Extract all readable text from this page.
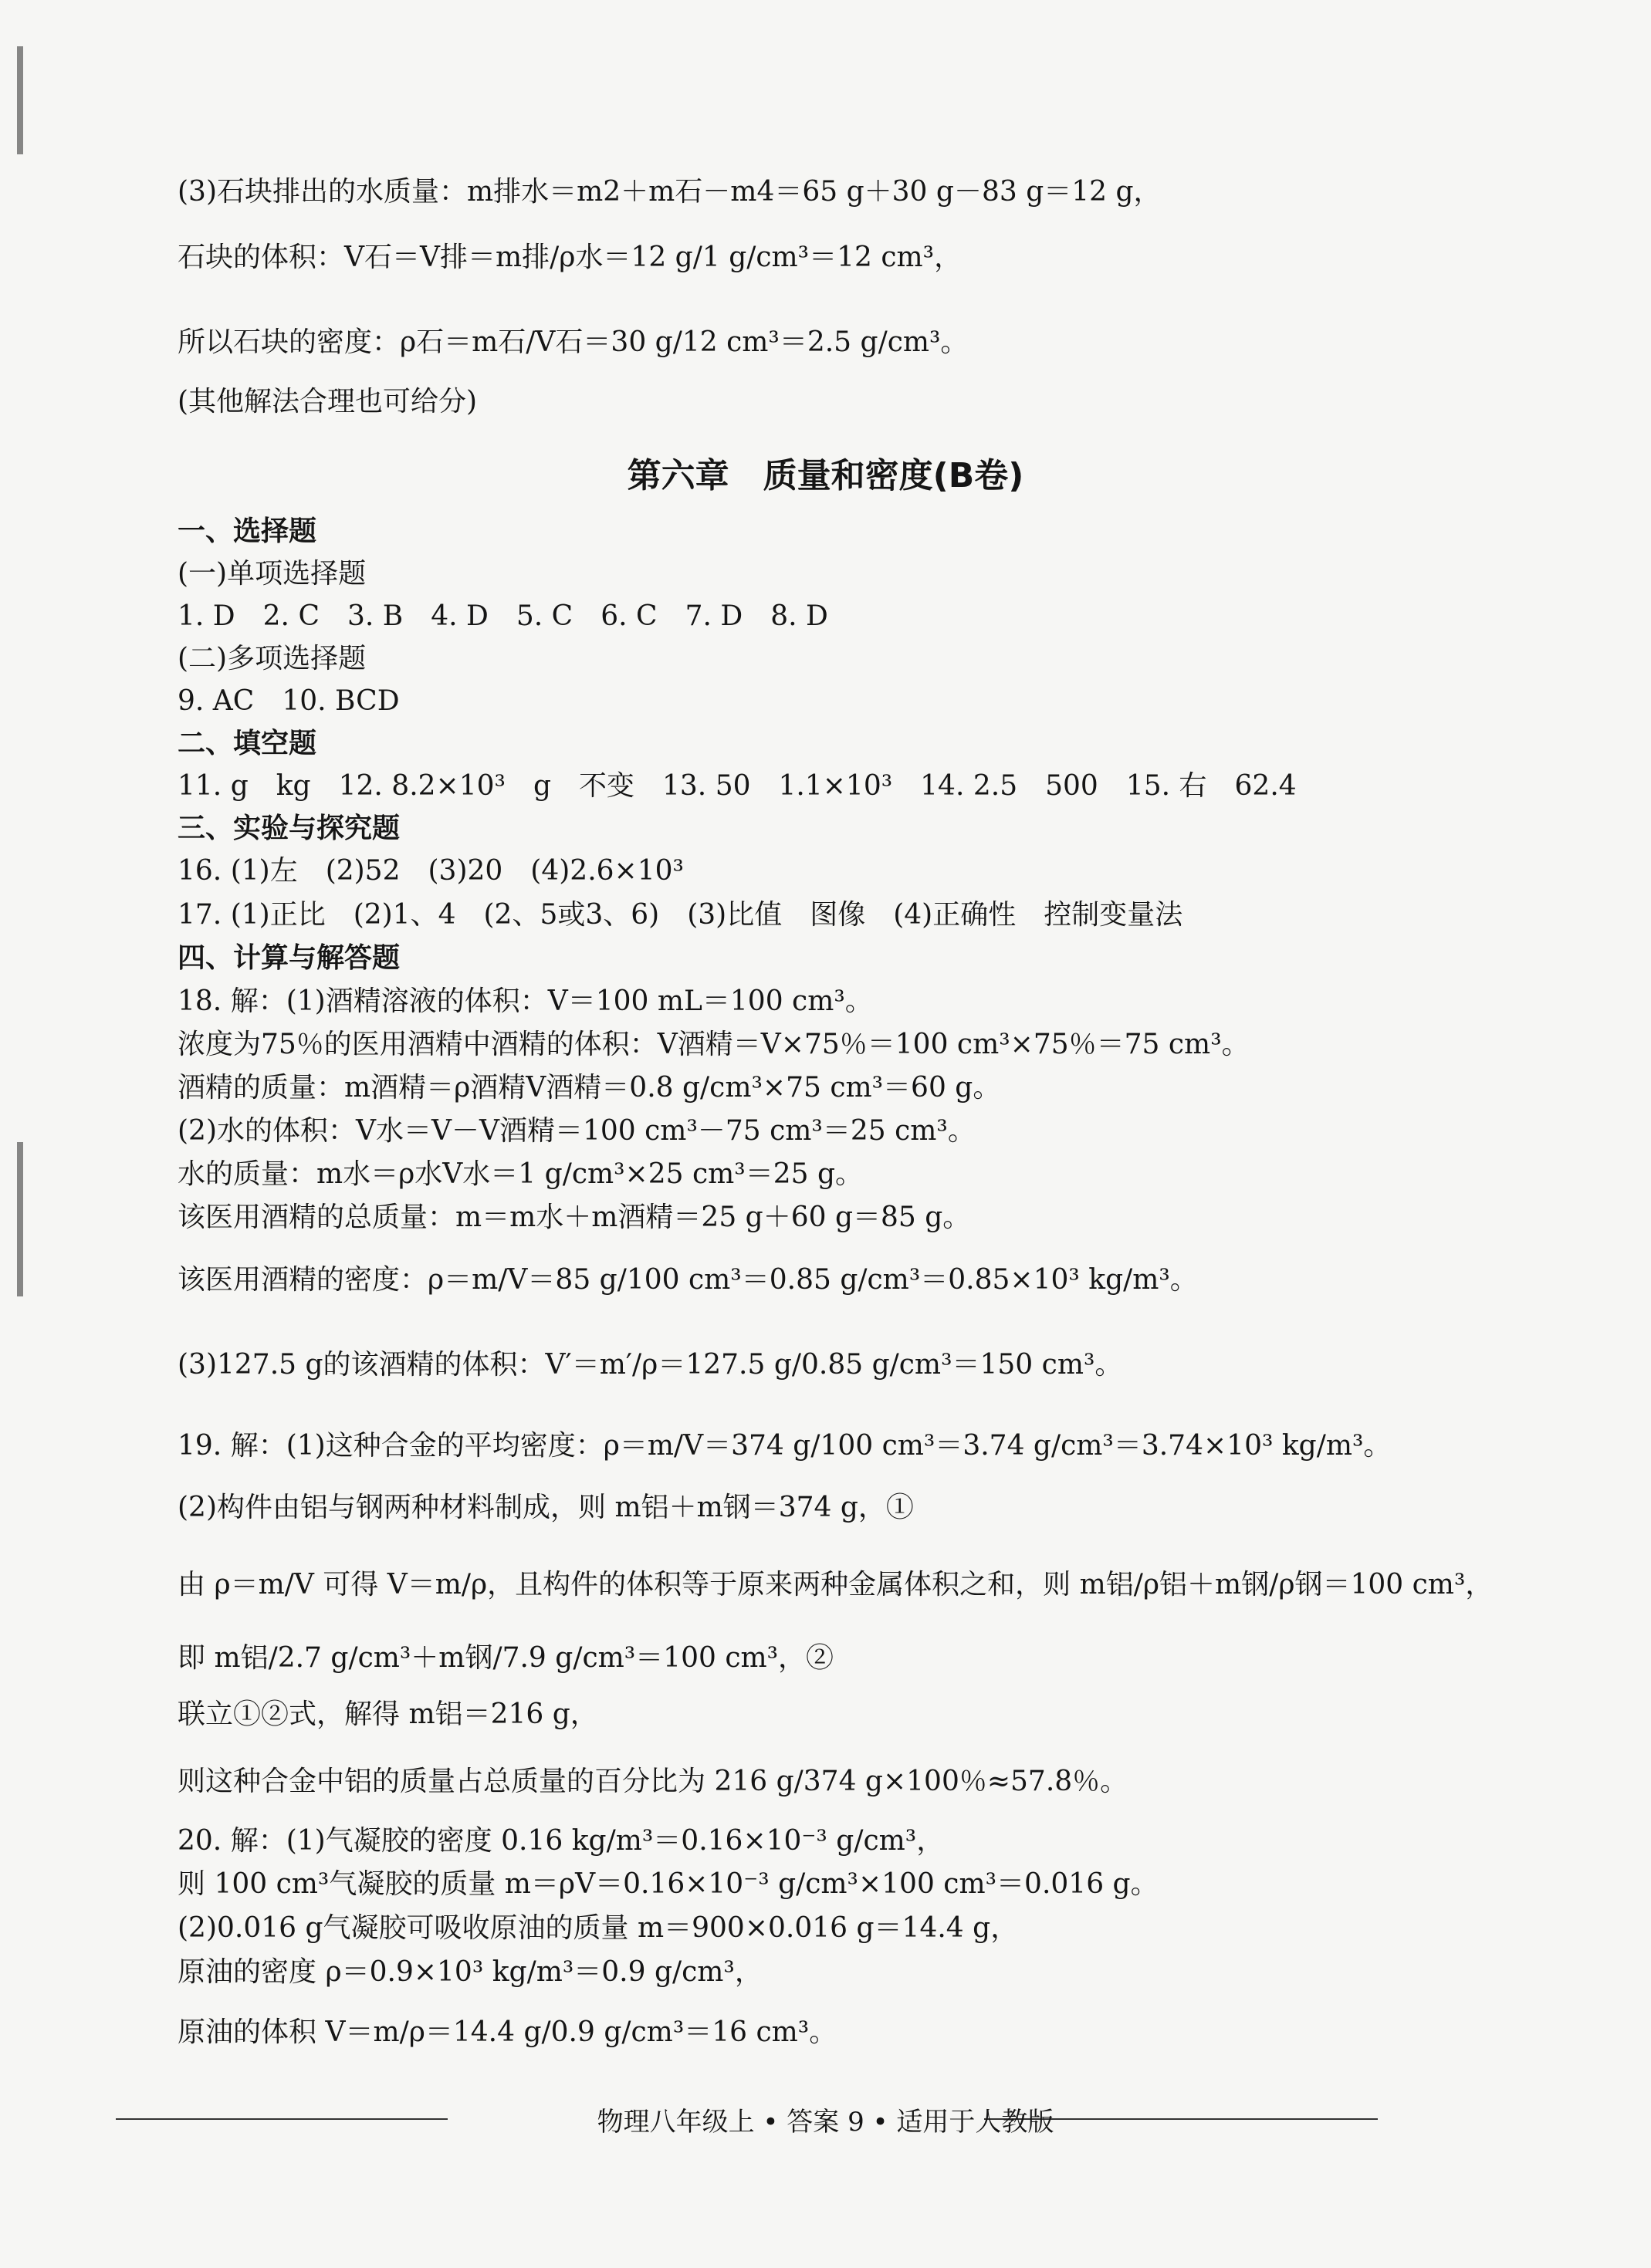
(3)石块排出的水质量：m排水＝m2＋m石－m4＝65 g＋30 g－83 g＝12 g，
石块的体积：V石＝V排＝m排/ρ水＝12 g/1 g/cm³＝12 cm³，
所以石块的密度：ρ石＝m石/V石＝30 g/12 cm³＝2.5 g/cm³。
(其他解法合理也可给分)
第六章　质量和密度(B卷)
一、选择题
(一)单项选择题
1. D　2. C　3. B　4. D　5. C　6. C　7. D　8. D
(二)多项选择题
9. AC　10. BCD
二、填空题
11. g　kg　12. 8.2×10³　g　不变　13. 50　1.1×10³　14. 2.5　500　15. 右　62.4
三、实验与探究题
16. (1)左　(2)52　(3)20　(4)2.6×10³
17. (1)正比　(2)1、4　(2、5或3、6)　(3)比值　图像　(4)正确性　控制变量法
四、计算与解答题
18. 解：(1)酒精溶液的体积：V＝100 mL＝100 cm³。
浓度为75％的医用酒精中酒精的体积：V酒精＝V×75％＝100 cm³×75％＝75 cm³。
酒精的质量：m酒精＝ρ酒精V酒精＝0.8 g/cm³×75 cm³＝60 g。
(2)水的体积：V水＝V－V酒精＝100 cm³－75 cm³＝25 cm³。
水的质量：m水＝ρ水V水＝1 g/cm³×25 cm³＝25 g。
该医用酒精的总质量：m＝m水＋m酒精＝25 g＋60 g＝85 g。
该医用酒精的密度：ρ＝m/V＝85 g/100 cm³＝0.85 g/cm³＝0.85×10³ kg/m³。
(3)127.5 g的该酒精的体积：V′＝m′/ρ＝127.5 g/0.85 g/cm³＝150 cm³。
19. 解：(1)这种合金的平均密度：ρ＝m/V＝374 g/100 cm³＝3.74 g/cm³＝3.74×10³ kg/m³。
(2)构件由铝与钢两种材料制成，则 m铝＋m钢＝374 g，①
由 ρ＝m/V 可得 V＝m/ρ，且构件的体积等于原来两种金属体积之和，则 m铝/ρ铝＋m钢/ρ钢＝100 cm³，
即 m铝/2.7 g/cm³＋m钢/7.9 g/cm³＝100 cm³，②
联立①②式，解得 m铝＝216 g，
则这种合金中铝的质量占总质量的百分比为 216 g/374 g×100％≈57.8％。
20. 解：(1)气凝胶的密度 0.16 kg/m³＝0.16×10⁻³ g/cm³，
则 100 cm³气凝胶的质量 m＝ρV＝0.16×10⁻³ g/cm³×100 cm³＝0.016 g。
(2)0.016 g气凝胶可吸收原油的质量 m＝900×0.016 g＝14.4 g，
原油的密度 ρ＝0.9×10³ kg/m³＝0.9 g/cm³，
原油的体积 V＝m/ρ＝14.4 g/0.9 g/cm³＝16 cm³。
物理八年级上 • 答案 9 • 适用于人教版
